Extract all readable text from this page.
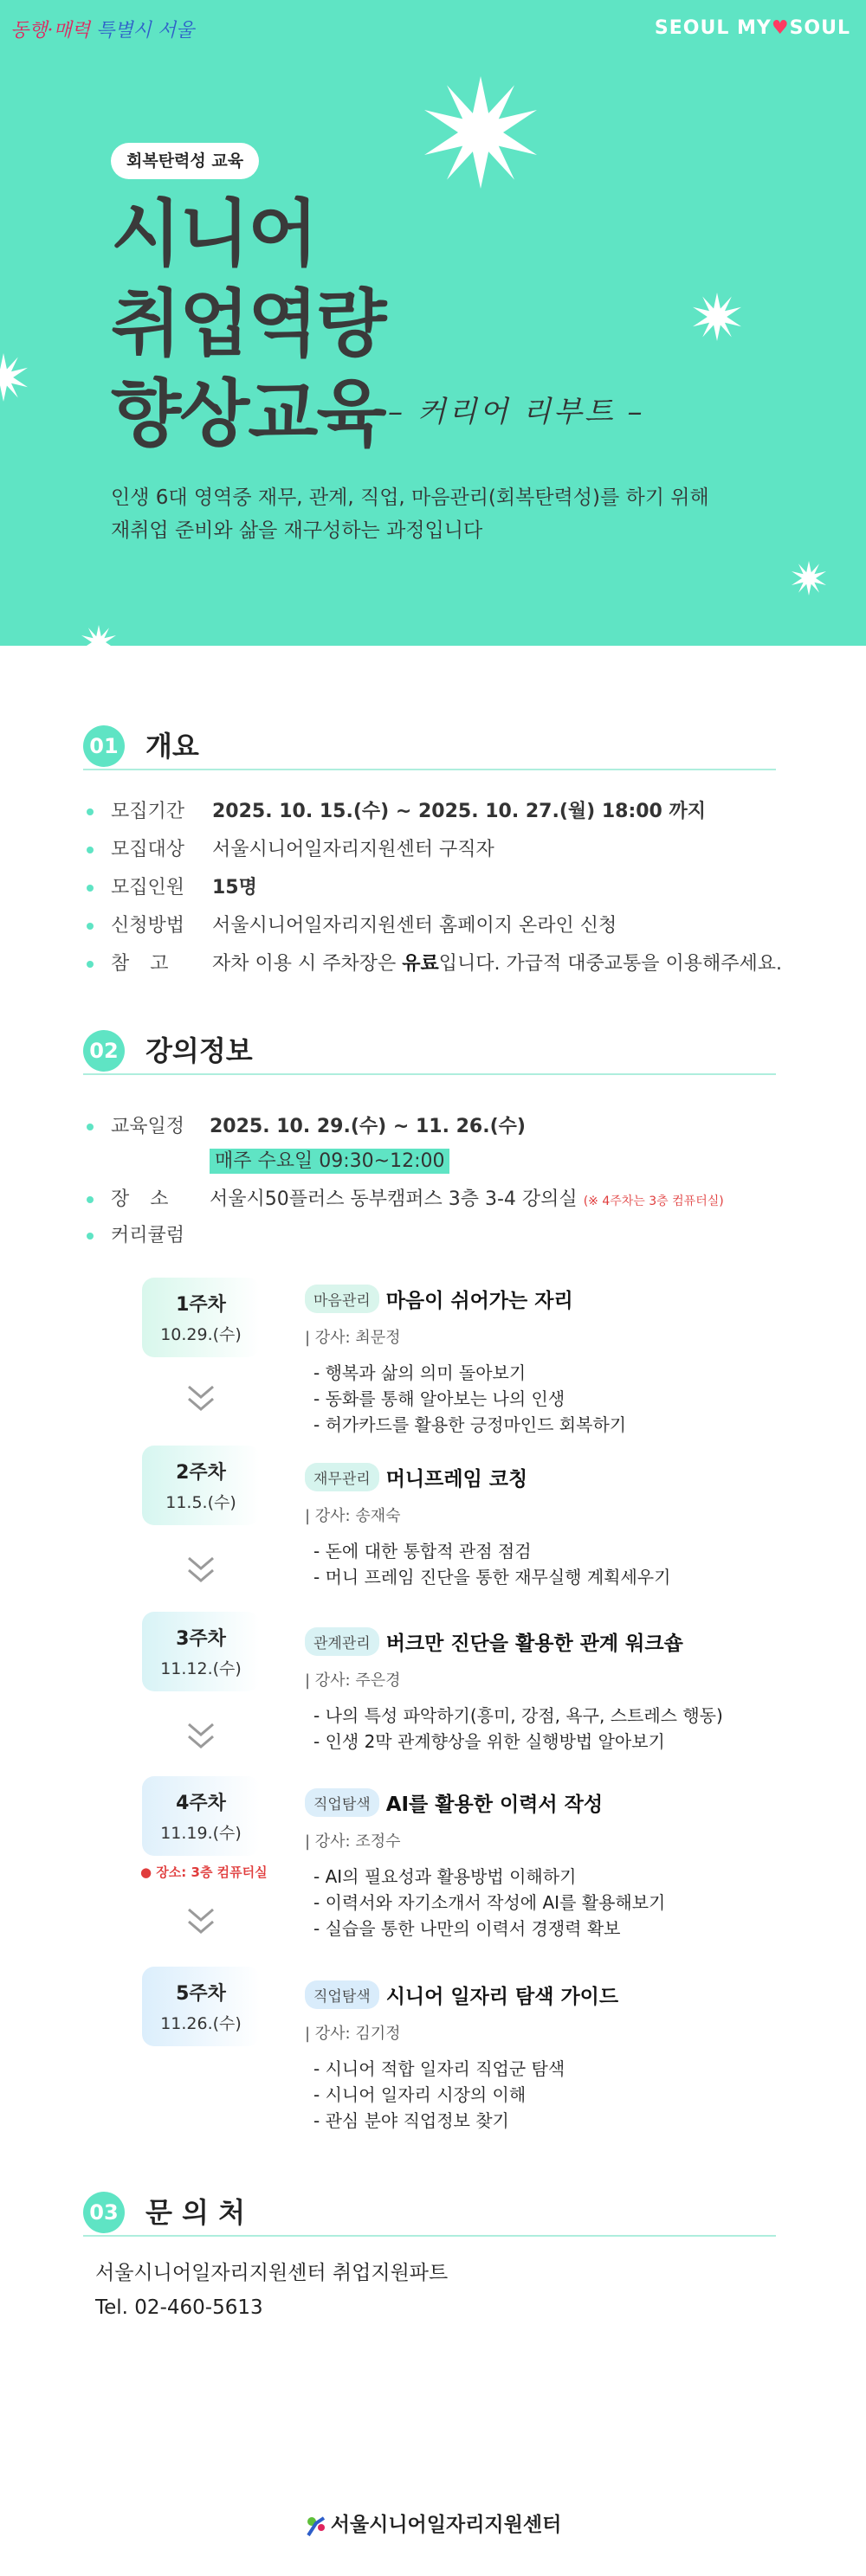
동행·매력 특별시 서울	SEOUL MY♥SOUL
회복탄력성 교육
시니어
취업역량
향상교육 – 커리어 리부트 –
인생 6대 영역중 재무, 관계, 직업, 마음관리(회복탄력성)를 하기 위해
재취업 준비와 삶을 재구성하는 과정입니다
01 개요
모집기간	2025. 10. 15.(수) ~ 2025. 10. 27.(월) 18:00 까지
모집대상	서울시니어일자리지원센터 구직자
모집인원	15명
신청방법	서울시니어일자리지원센터 홈페이지 온라인 신청
참고	자차 이용 시 주차장은 유료입니다. 가급적 대중교통을 이용해주세요.
02 강의정보
교육일정	2025. 10. 29.(수) ~ 11. 26.(수)
매주 수요일 09:30~12:00
장소	서울시50플러스 동부캠퍼스 3층 3-4 강의실 (※ 4주차는 3층 컴퓨터실)
커리큘럼
1주차
10.29.(수)
마음관리 마음이 쉬어가는 자리
| 강사: 최문정
- 행복과 삶의 의미 돌아보기
- 동화를 통해 알아보는 나의 인생
- 허가카드를 활용한 긍정마인드 회복하기
2주차
11.5.(수)
재무관리 머니프레임 코칭
| 강사: 송재숙
- 돈에 대한 통합적 관점 점검
- 머니 프레임 진단을 통한 재무실행 계획세우기
3주차
11.12.(수)
관계관리 버크만 진단을 활용한 관계 워크숍
| 강사: 주은경
- 나의 특성 파악하기(흥미, 강점, 욕구, 스트레스 행동)
- 인생 2막 관계향상을 위한 실행방법 알아보기
4주차
11.19.(수)
● 장소: 3층 컴퓨터실
직업탐색 AI를 활용한 이력서 작성
| 강사: 조정수
- AI의 필요성과 활용방법 이해하기
- 이력서와 자기소개서 작성에 AI를 활용해보기
- 실습을 통한 나만의 이력서 경쟁력 확보
5주차
11.26.(수)
직업탐색 시니어 일자리 탐색 가이드
| 강사: 김기정
- 시니어 적합 일자리 직업군 탐색
- 시니어 일자리 시장의 이해
- 관심 분야 직업정보 찾기
03 문 의 처
서울시니어일자리지원센터 취업지원파트
Tel. 02-460-5613
서울시니어일자리지원센터
